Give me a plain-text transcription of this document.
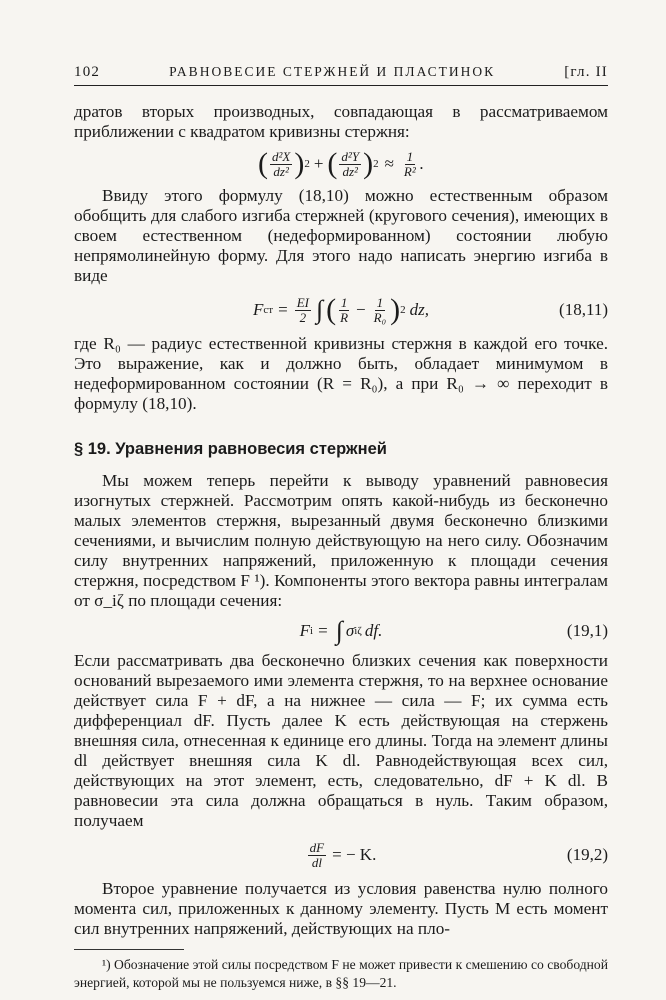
102	РАВНОВЕСИЕ СТЕРЖНЕЙ И ПЛАСТИНОК	[гл. II

дратов вторых производных, совпадающая в рассматриваемом приближении с квадратом кривизны стержня:

( $\frac{\text{d²X}}{\text{dz²}}$ ) 2 + ( $\frac{\text{d²Y}}{\text{dz²}}$ ) $2 \approx \frac{1}{\text{R²}}$ .

Ввиду этого формулу (18,10) можно естественным образом обобщить для слабого изгиба стержней (кругового сечения), имеющих в своем естественном (недеформированном) состоянии любую непрямолинейную форму. Для этого надо написать энергию изгиба в виде

F ст = $\frac{EI}{2}$ ∫ ( $\frac{1}{R} - \frac{1}{\text{R₀}}$ ) 2 dz,	(18,11)

где R₀ — радиус естественной кривизны стержня в каждой его точке. Это выражение, как и должно быть, обладает минимумом в недеформированном состоянии (R = R₀), а при R₀ → ∞ переходит в формулу (18,10).

§ 19. Уравнения равновесия стержней

Мы можем теперь перейти к выводу уравнений равновесия изогнутых стержней. Рассмотрим опять какой-нибудь из бесконечно малых элементов стержня, вырезанный двумя бесконечно близкими сечениями, и вычислим полную действующую на него силу. Обозначим силу внутренних напряжений, приложенную к площади сечения стержня, посредством F ¹). Компоненты этого вектора равны интегралам от σ_iζ по площади сечения:

F i = ∫ σ iζ df.	(19,1)

Если рассматривать два бесконечно близких сечения как поверхности оснований вырезаемого ими элемента стержня, то на верхнее основание действует сила F + dF, а на нижнее — сила — F; их сумма есть дифференциал dF. Пусть далее K есть действующая на стержень внешняя сила, отнесенная к единице его длины. Тогда на элемент длины dl действует внешняя сила K dl. Равнодействующая всех сил, действующих на этот элемент, есть, следовательно, dF + K dl. В равновесии эта сила должна обращаться в нуль. Таким образом, получаем

$\frac{dF}{dl}$ = − K.	(19,2)

Второе уравнение получается из условия равенства нулю полного момента сил, приложенных к данному элементу. Пусть M есть момент сил внутренних напряжений, действующих на пло-

¹) Обозначение этой силы посредством F не может привести к смешению со свободной энергией, которой мы не пользуемся ниже, в §§ 19—21.
